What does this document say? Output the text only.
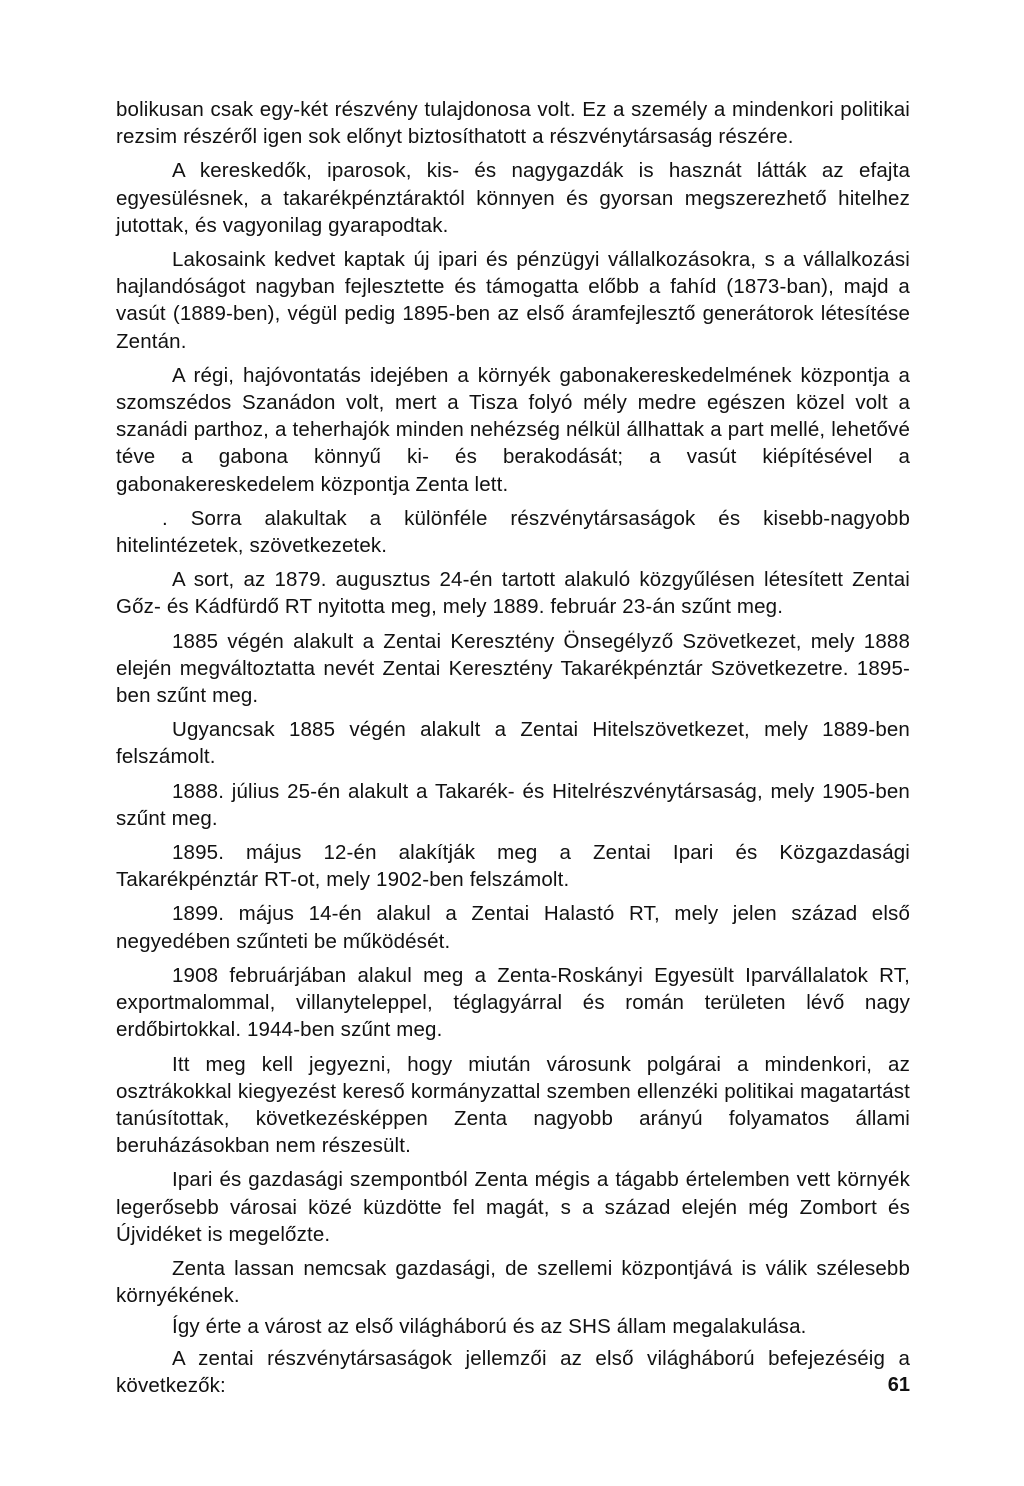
bolikusan csak egy-két részvény tulajdonosa volt. Ez a személy a mindenkori politikai rezsim részéről igen sok előnyt biztosíthatott a részvénytársaság részére.

A kereskedők, iparosok, kis- és nagygazdák is hasznát látták az efajta egyesülésnek, a takarékpénztáraktól könnyen és gyorsan megszerezhető hitelhez jutottak, és vagyonilag gyarapodtak.

Lakosaink kedvet kaptak új ipari és pénzügyi vállalkozásokra, s a vállalkozási hajlandóságot nagyban fejlesztette és támogatta előbb a fahíd (1873-ban), majd a vasút (1889-ben), végül pedig 1895-ben az első áramfejlesztő generátorok létesítése Zentán.

A régi, hajóvontatás idejében a környék gabonakereskedelmének központja a szomszédos Szanádon volt, mert a Tisza folyó mély medre egészen közel volt a szanádi parthoz, a teherhajók minden nehézség nélkül állhattak a part mellé, lehetővé téve a gabona könnyű ki- és berakodását; a vasút kiépítésével a gabonakereskedelem központja Zenta lett.

. Sorra alakultak a különféle részvénytársaságok és kisebb-nagyobb hitelintézetek, szövetkezetek.

A sort, az 1879. augusztus 24-én tartott alakuló közgyűlésen létesített Zentai Gőz- és Kádfürdő RT nyitotta meg, mely 1889. február 23-án szűnt meg.

1885 végén alakult a Zentai Keresztény Önsegélyző Szövetkezet, mely 1888 elején megváltoztatta nevét Zentai Keresztény Takarékpénztár Szövetkezetre. 1895-ben szűnt meg.

Ugyancsak 1885 végén alakult a Zentai Hitelszövetkezet, mely 1889-ben felszámolt.

1888. július 25-én alakult a Takarék- és Hitelrészvénytársaság, mely 1905-ben szűnt meg.

1895. május 12-én alakítják meg a Zentai Ipari és Közgazdasági Takarékpénztár RT-ot, mely 1902-ben felszámolt.

1899. május 14-én alakul a Zentai Halastó RT, mely jelen század első negyedében szűnteti be működését.

1908 februárjában alakul meg a Zenta-Roskányi Egyesült Iparvállalatok RT, exportmalommal, villanyteleppel, téglagyárral és román területen lévő nagy erdőbirtokkal. 1944-ben szűnt meg.

Itt meg kell jegyezni, hogy miután városunk polgárai a mindenkori, az osztrákokkal kiegyezést kereső kormányzattal szemben ellenzéki politikai magatartást tanúsítottak, következésképpen Zenta nagyobb arányú folyamatos állami beruházásokban nem részesült.

Ipari és gazdasági szempontból Zenta mégis a tágabb értelemben vett környék legerősebb városai közé küzdötte fel magát, s a század elején még Zombort és Újvidéket is megelőzte.

Zenta lassan nemcsak gazdasági, de szellemi központjává is válik szélesebb környékének.

Így érte a várost az első világháború és az SHS állam megalakulása.

A zentai részvénytársaságok jellemzői az első világháború befejezéséig a következők:	61
